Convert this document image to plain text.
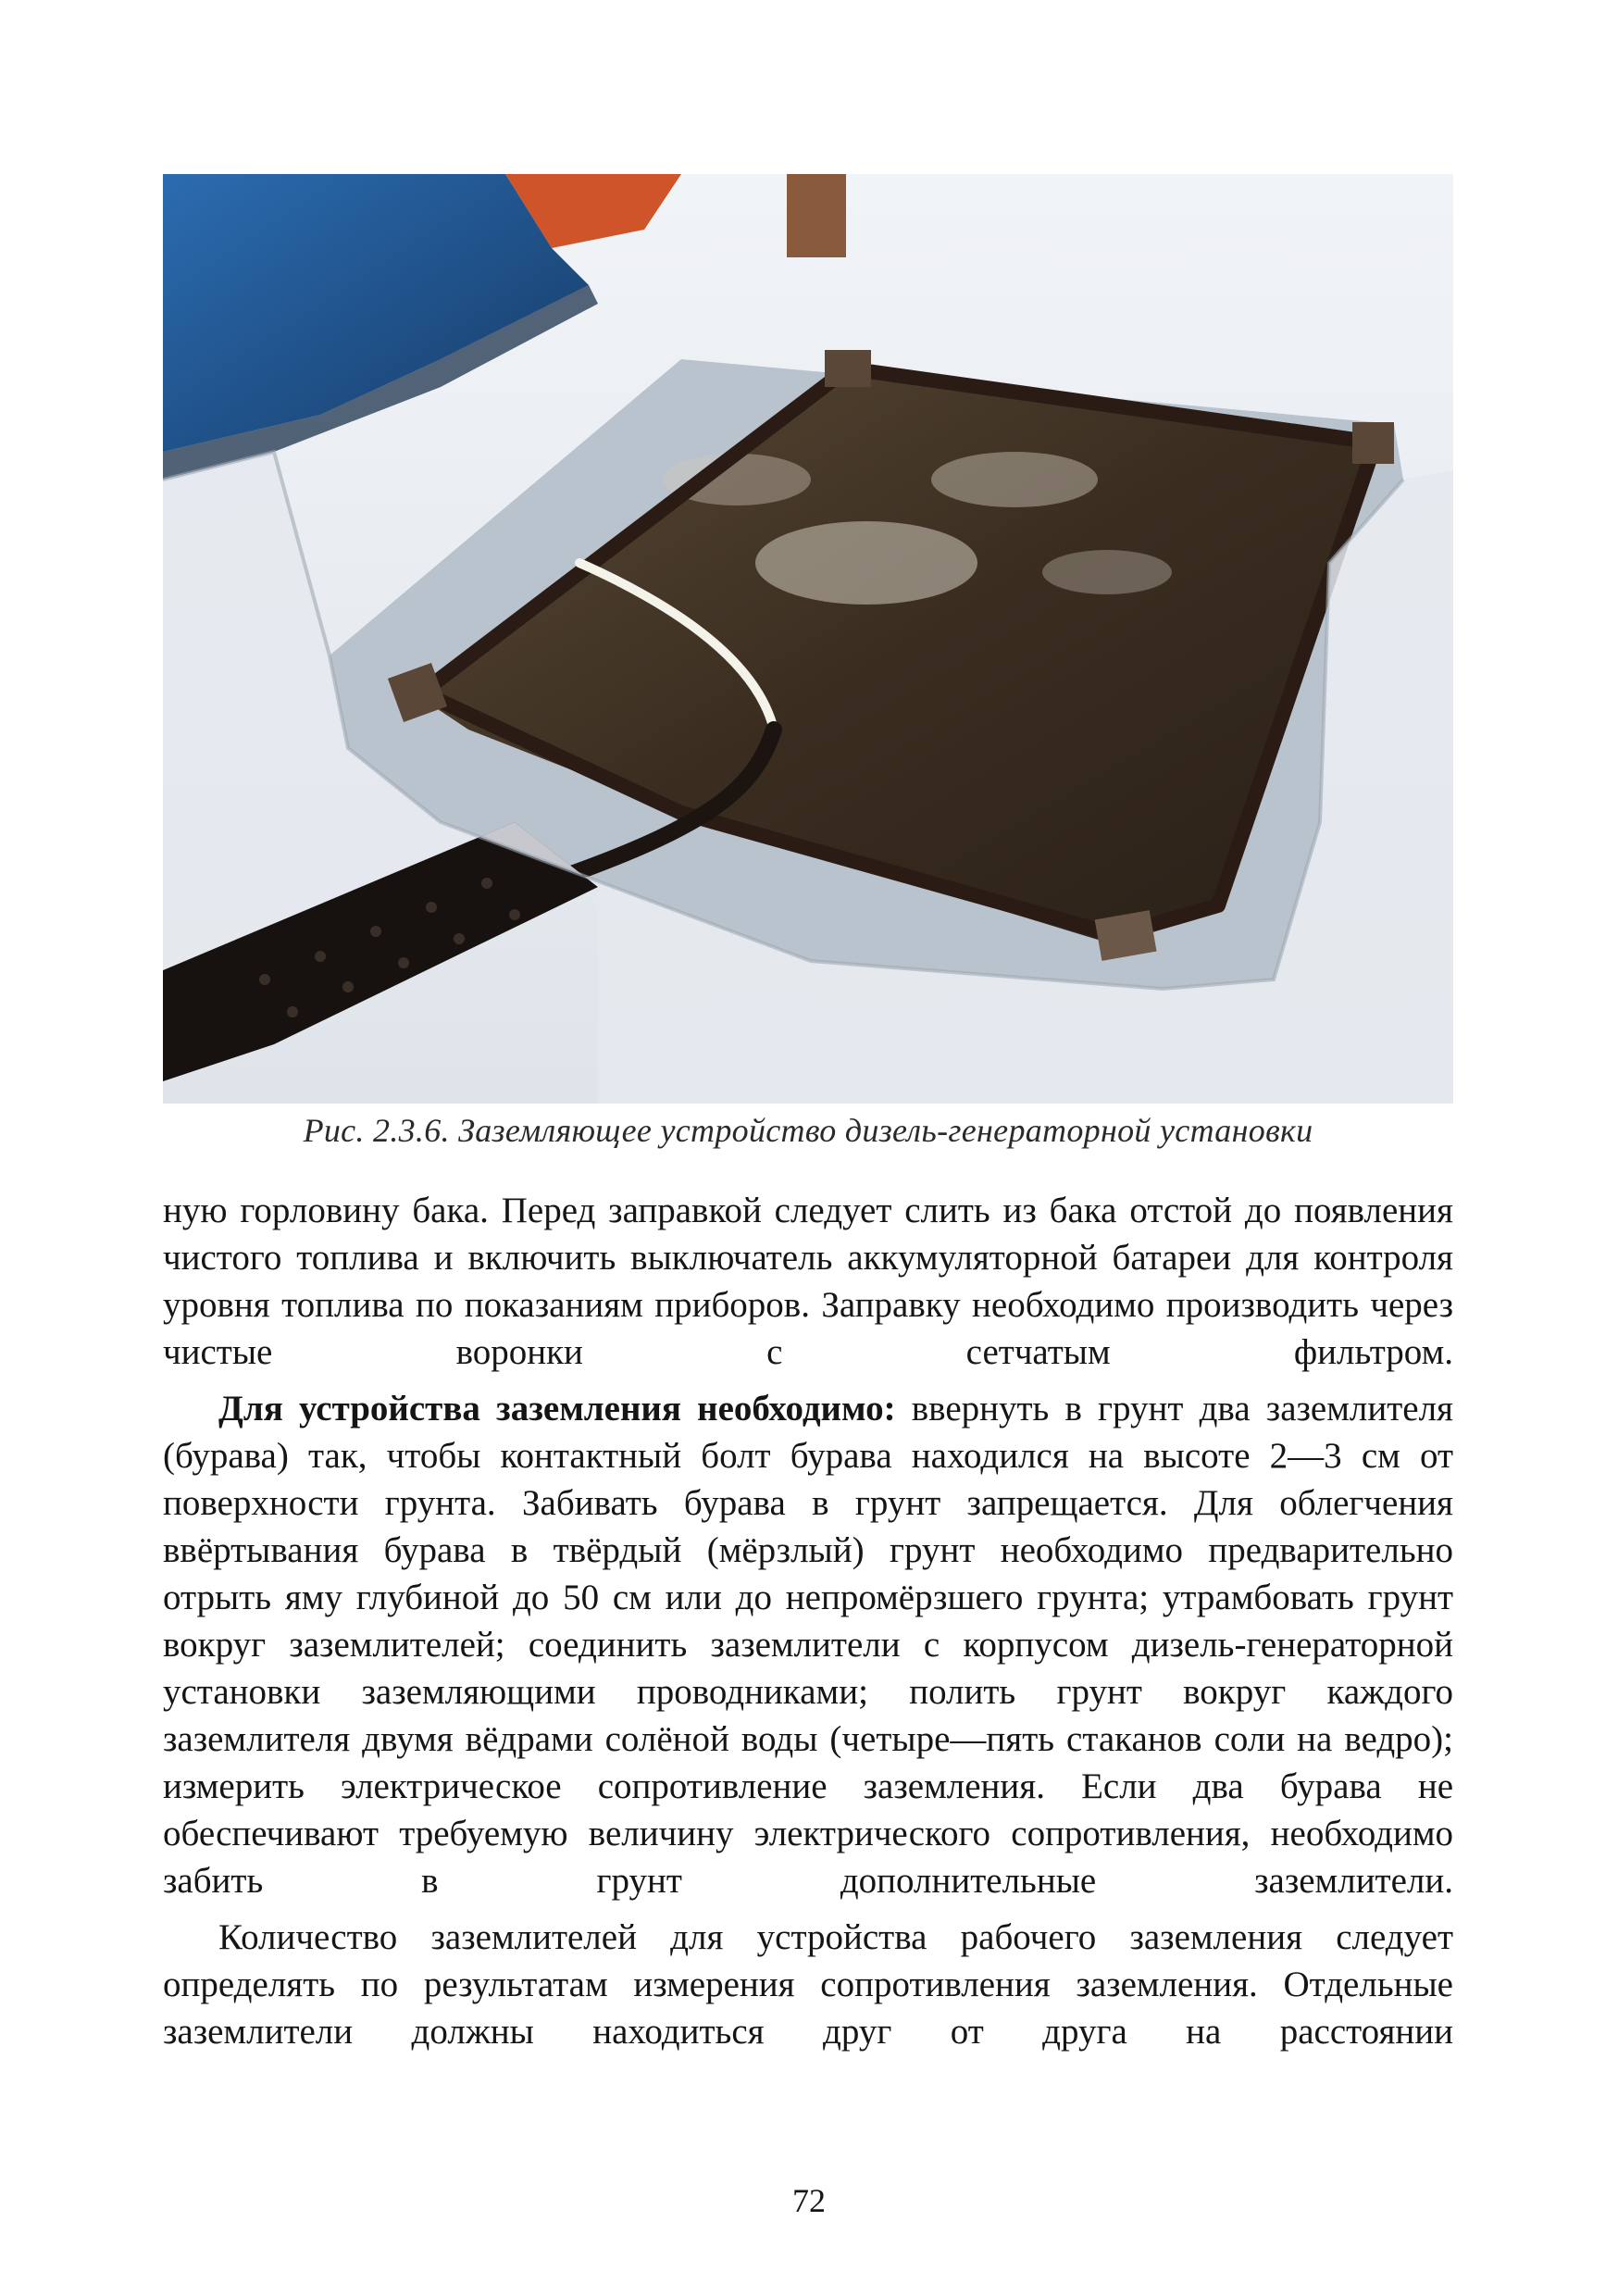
Рис. 2.3.6. Заземляющее устройство дизель-генераторной установки

ную горловину бака. Перед заправкой следует слить из бака отстой до появления чистого топлива и включить выключатель аккумуляторной батареи для контроля уровня топлива по показаниям приборов. Заправку необходимо производить через чистые воронки с сетчатым фильтром.

Для устройства заземления необходимо: ввернуть в грунт два заземлителя (бурава) так, чтобы контактный болт бурава находился на высоте 2—3 см от поверхности грунта. Забивать бурава в грунт запрещается. Для облегчения ввёртывания бурава в твёрдый (мёрзлый) грунт необходимо предварительно отрыть яму глубиной до 50 см или до непромёрзшего грунта; утрамбовать грунт вокруг заземлителей; соединить заземлители с корпусом дизель-генераторной установки заземляющими проводниками; полить грунт вокруг каждого заземлителя двумя вёдрами солёной воды (четыре—пять стаканов соли на ведро); измерить электрическое сопротивление заземления. Если два бурава не обеспечивают требуемую величину электрического сопротивления, необходимо забить в грунт дополнительные заземлители.

Количество заземлителей для устройства рабочего заземления следует определять по результатам измерения сопротивления заземления. Отдельные заземлители должны находиться друг от друга на расстоянии

72
